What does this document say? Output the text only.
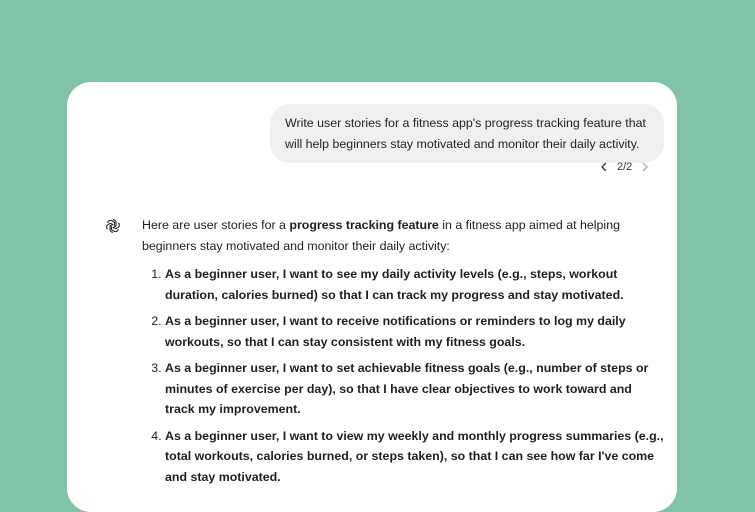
Write user stories for a fitness app's progress tracking feature that will help beginners stay motivated and monitor their daily activity.
2/2

Here are user stories for a progress tracking feature in a fitness app aimed at helping beginners stay motivated and monitor their daily activity:

1. As a beginner user, I want to see my daily activity levels (e.g., steps, workout duration, calories burned) so that I can track my progress and stay motivated.
2. As a beginner user, I want to receive notifications or reminders to log my daily workouts, so that I can stay consistent with my fitness goals.
3. As a beginner user, I want to set achievable fitness goals (e.g., number of steps or minutes of exercise per day), so that I have clear objectives to work toward and track my improvement.
4. As a beginner user, I want to view my weekly and monthly progress summaries (e.g., total workouts, calories burned, or steps taken), so that I can see how far I've come and stay motivated.
